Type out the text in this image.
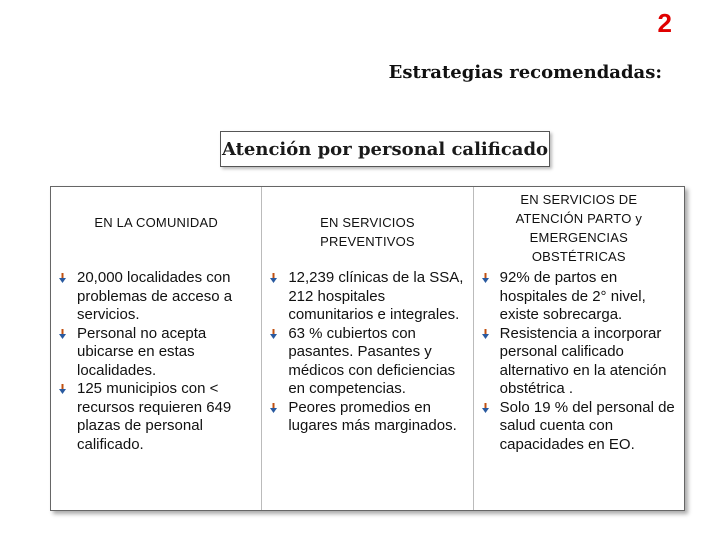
2
Estrategias recomendadas:
Atención por personal calificado
EN LA COMUNIDAD
20,000 localidades con problemas de acceso a servicios.
Personal no acepta ubicarse en estas localidades.
125 municipios con < recursos requieren 649 plazas de personal calificado.
EN SERVICIOS PREVENTIVOS
12,239 clínicas de la SSA, 212 hospitales comunitarios e integrales.
63 % cubiertos con pasantes. Pasantes y médicos con deficiencias en competencias.
Peores promedios en lugares más marginados.
EN SERVICIOS DE ATENCIÓN PARTO y EMERGENCIAS OBSTÉTRICAS
92% de partos en hospitales de 2° nivel, existe sobrecarga.
Resistencia a incorporar personal calificado alternativo en la atención obstétrica .
Solo 19 % del personal de salud cuenta con capacidades en EO.
